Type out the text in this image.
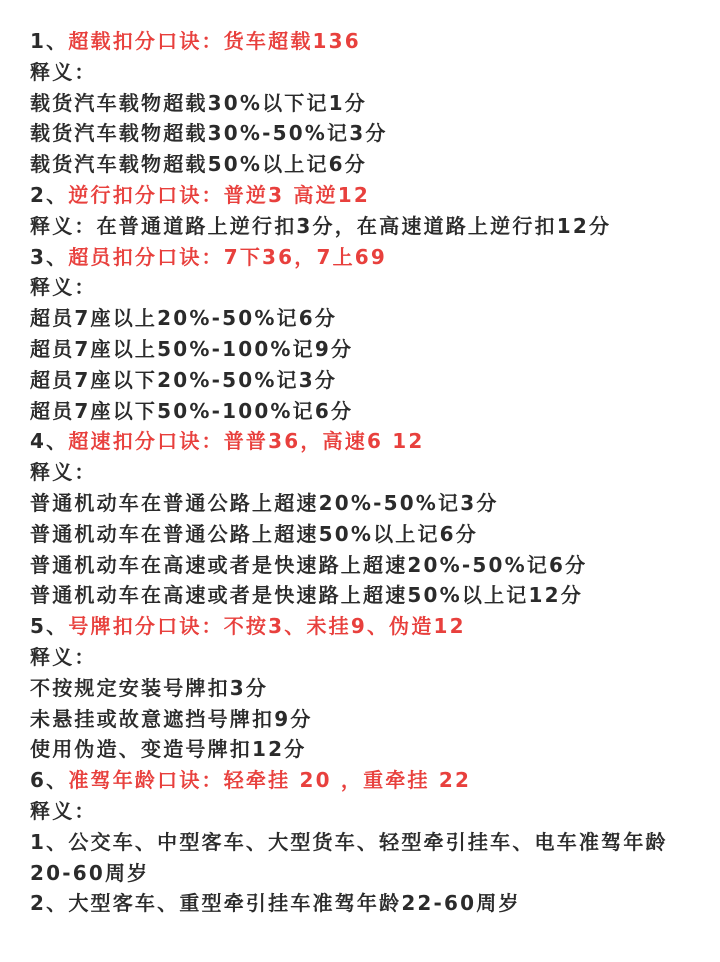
1、超载扣分口诀：货车超载136
释义：
载货汽车载物超载30%以下记1分
载货汽车载物超载30%-50%记3分
载货汽车载物超载50%以上记6分
2、逆行扣分口诀：普逆3 高逆12
释义：在普通道路上逆行扣3分，在高速道路上逆行扣12分
3、超员扣分口诀：7下36，7上69
释义：
超员7座以上20%-50%记6分
超员7座以上50%-100%记9分
超员7座以下20%-50%记3分
超员7座以下50%-100%记6分
4、超速扣分口诀：普普36，高速6 12
释义：
普通机动车在普通公路上超速20%-50%记3分
普通机动车在普通公路上超速50%以上记6分
普通机动车在高速或者是快速路上超速20%-50%记6分
普通机动车在高速或者是快速路上超速50%以上记12分
5、号牌扣分口诀：不按3、未挂9、伪造12
释义：
不按规定安装号牌扣3分
未悬挂或故意遮挡号牌扣9分
使用伪造、变造号牌扣12分
6、准驾年龄口诀：轻牵挂 20 ，重牵挂 22
释义：
1、公交车、中型客车、大型货车、轻型牵引挂车、电车准驾年龄20-60周岁
2、大型客车、重型牵引挂车准驾年龄22-60周岁
